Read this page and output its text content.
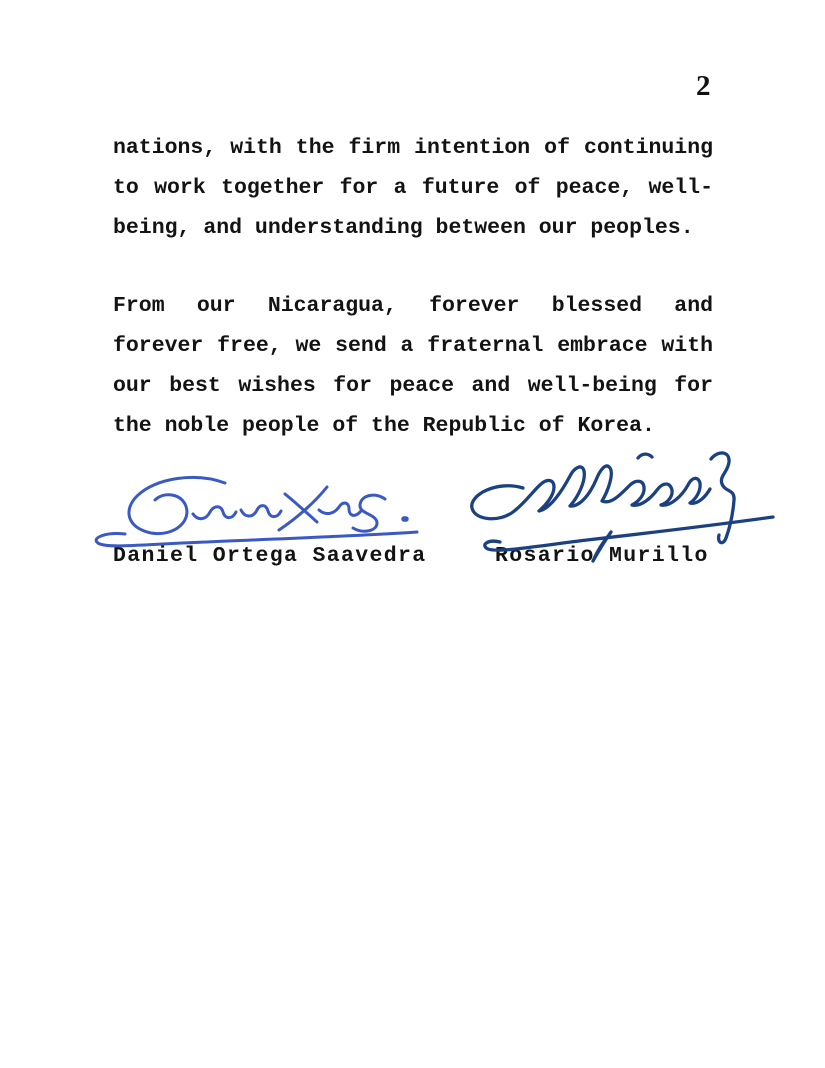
2
nations, with the firm intention of continuing
to work together for a future of peace, well-
being, and understanding between our peoples.
From our Nicaragua, forever blessed and
forever free, we send a fraternal embrace with
our best wishes for peace and well-being for
the noble people of the Republic of Korea.
Daniel Ortega Saavedra	Rosario Murillo
